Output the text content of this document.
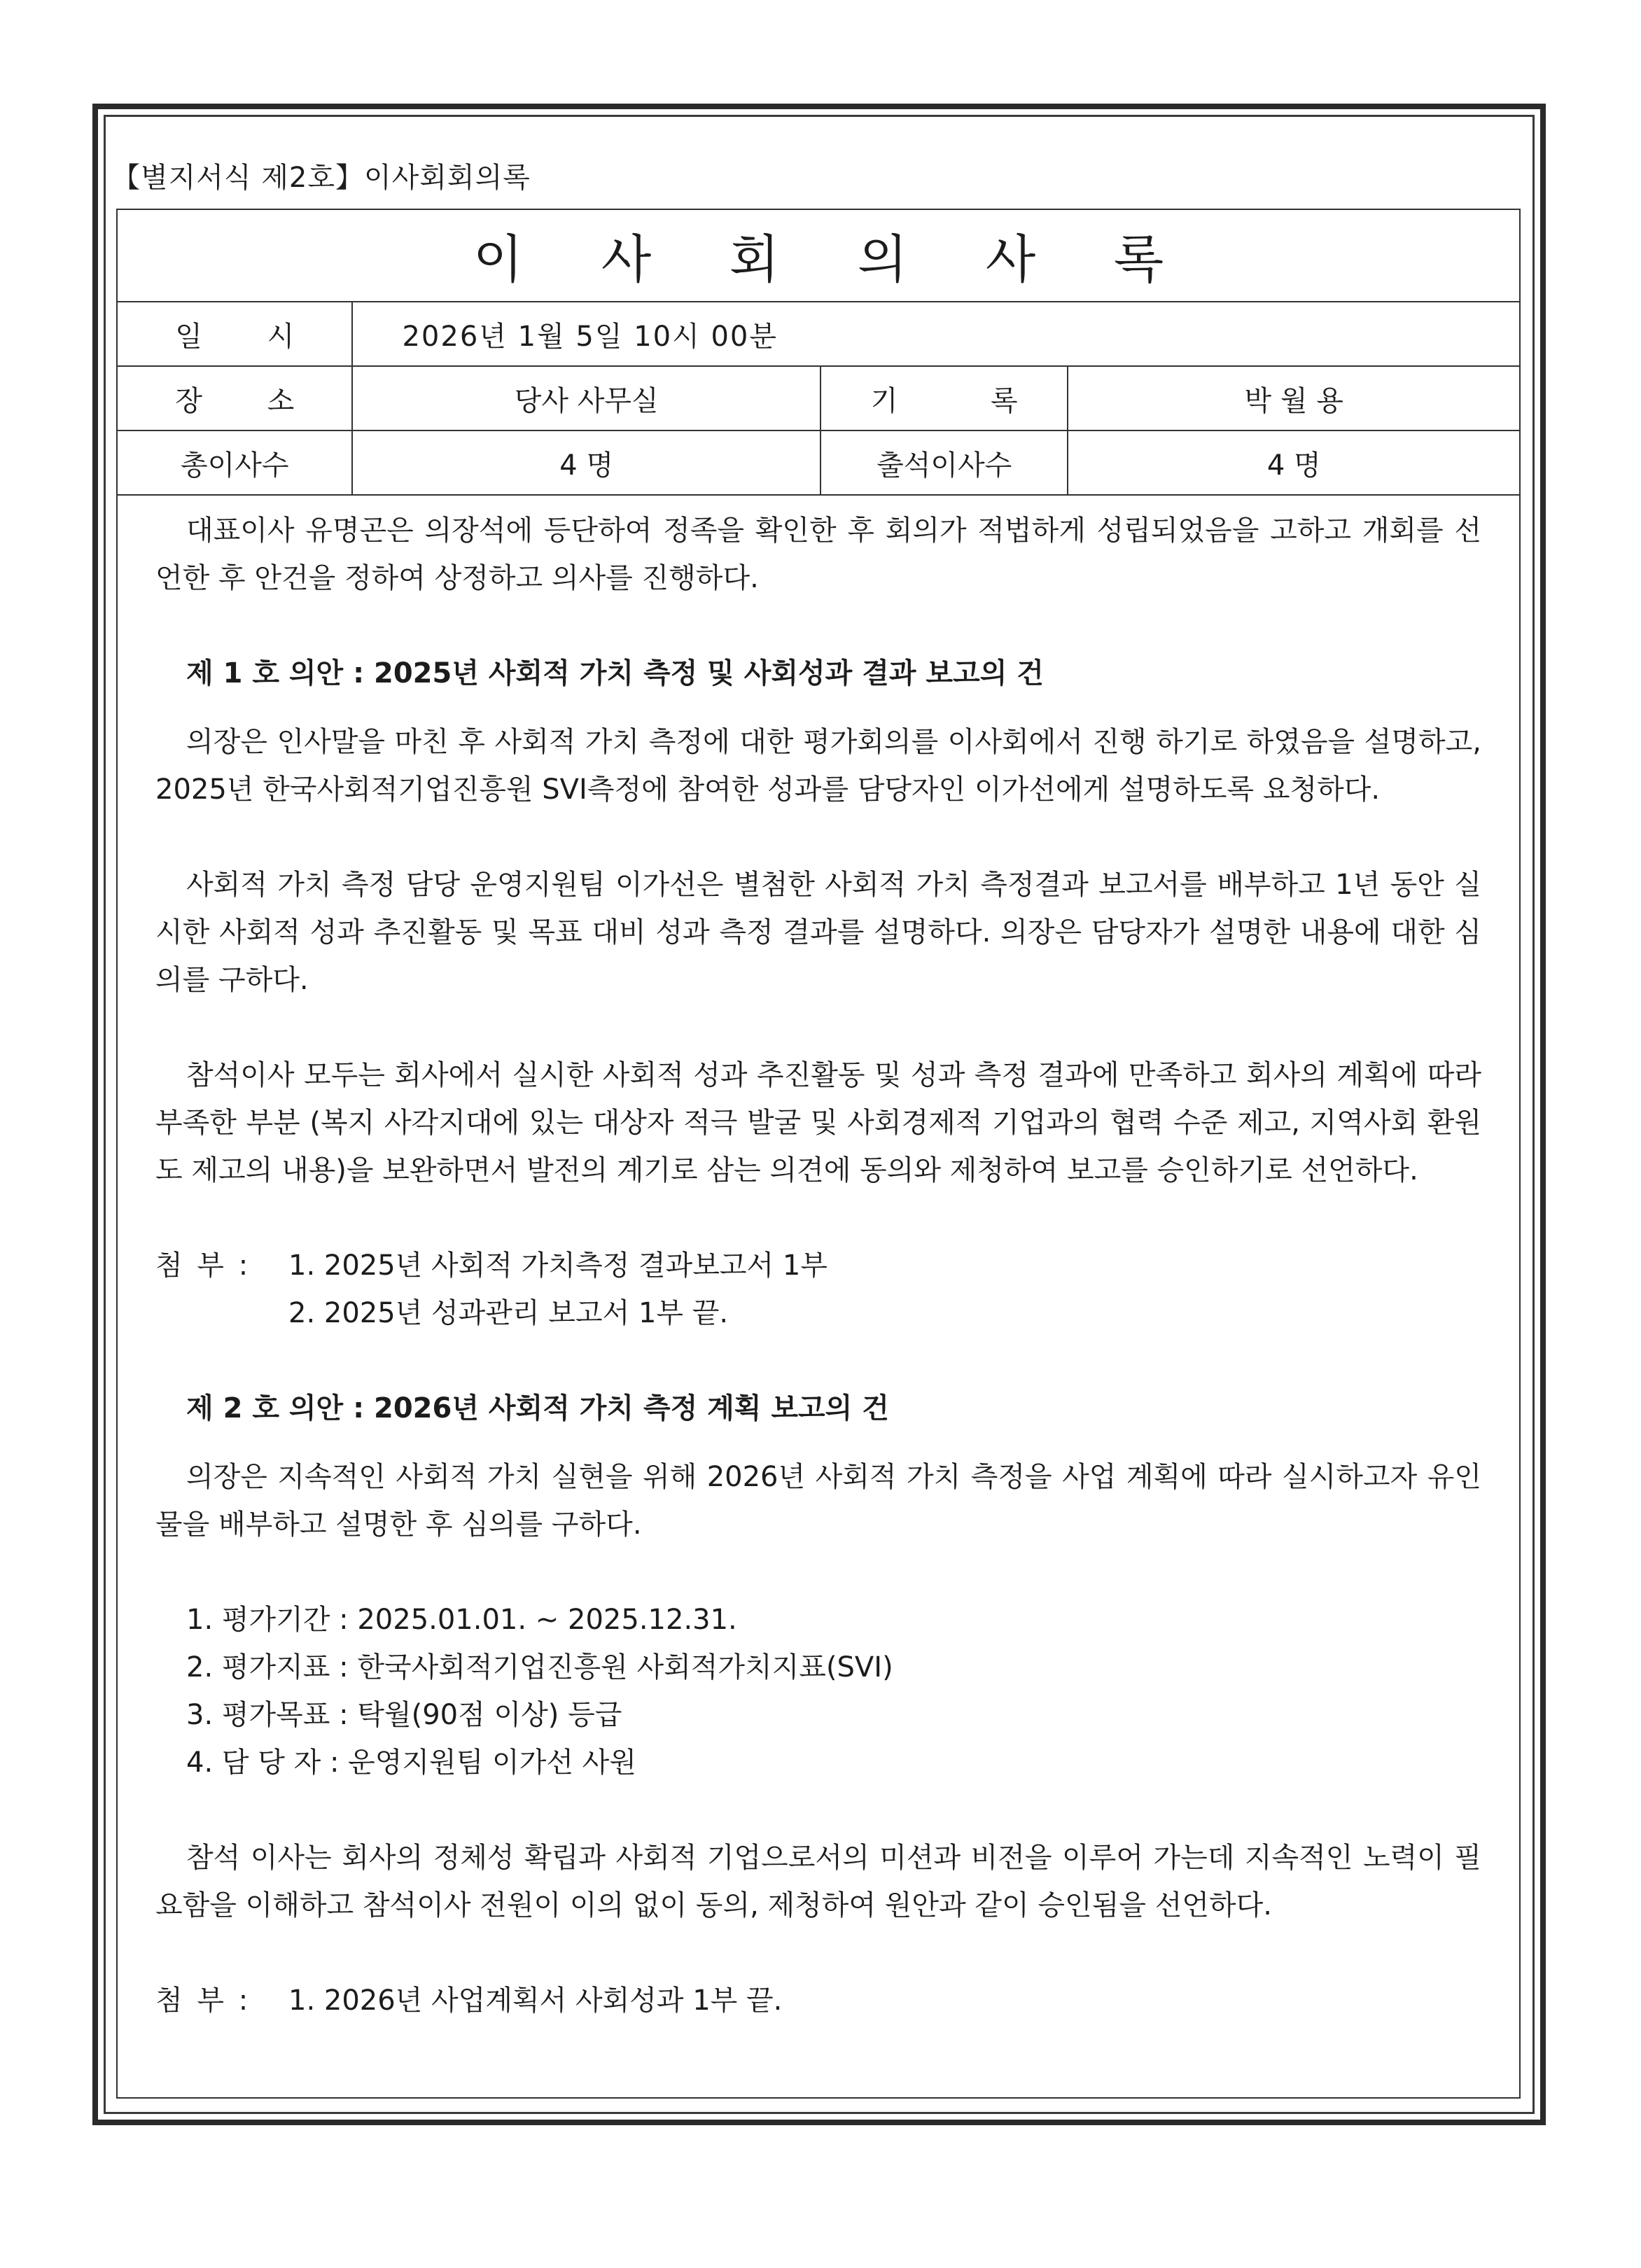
【별지서식 제2호】이사회회의록
이 사 회 의 사 록
일 시	2026년 1월 5일 10시 00분		
장 소	당사 사무실	기 록	박 월 용
총이사수	4 명	출석이사수	4 명

대표이사 유명곤은 의장석에 등단하여 정족을 확인한 후 회의가 적법하게 성립되었음을 고하고 개회를 선언한 후 안건을 정하여 상정하고 의사를 진행하다.

제 1 호 의안 : 2025년 사회적 가치 측정 및 사회성과 결과 보고의 건

의장은 인사말을 마친 후 사회적 가치 측정에 대한 평가회의를 이사회에서 진행 하기로 하였음을 설명하고, 2025년 한국사회적기업진흥원 SVI측정에 참여한 성과를 담당자인 이가선에게 설명하도록 요청하다.

사회적 가치 측정 담당 운영지원팀 이가선은 별첨한 사회적 가치 측정결과 보고서를 배부하고 1년 동안 실시한 사회적 성과 추진활동 및 목표 대비 성과 측정 결과를 설명하다. 의장은 담당자가 설명한 내용에 대한 심의를 구하다.

참석이사 모두는 회사에서 실시한 사회적 성과 추진활동 및 성과 측정 결과에 만족하고 회사의 계획에 따라 부족한 부분 (복지 사각지대에 있는 대상자 적극 발굴 및 사회경제적 기업과의 협력 수준 제고, 지역사회 환원도 제고의 내용)을 보완하면서 발전의 계기로 삼는 의견에 동의와 제청하여 보고를 승인하기로 선언하다.

첨 부 :	1. 2025년 사회적 가치측정 결과보고서 1부
2. 2025년 성과관리 보고서 1부 끝.

제 2 호 의안 : 2026년 사회적 가치 측정 계획 보고의 건

의장은 지속적인 사회적 가치 실현을 위해 2026년 사회적 가치 측정을 사업 계획에 따라 실시하고자 유인물을 배부하고 설명한 후 심의를 구하다.

1. 평가기간 : 2025.01.01. ~ 2025.12.31.

2. 평가지표 : 한국사회적기업진흥원 사회적가치지표(SVI)

3. 평가목표 : 탁월(90점 이상) 등급

4. 담 당 자 : 운영지원팀 이가선 사원

참석 이사는 회사의 정체성 확립과 사회적 기업으로서의 미션과 비전을 이루어 가는데 지속적인 노력이 필요함을 이해하고 참석이사 전원이 이의 없이 동의, 제청하여 원안과 같이 승인됨을 선언하다.

첨 부 :	1. 2026년 사업계획서 사회성과 1부 끝.
